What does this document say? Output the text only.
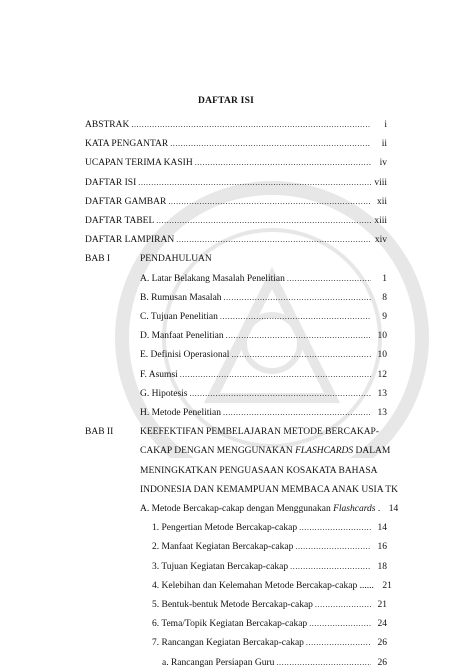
DAFTAR ISI
ABSTRAK .....	i
KATA PENGANTAR .....	ii
UCAPAN TERIMA KASIH .....	iv
DAFTAR ISI .....	viii
DAFTAR GAMBAR .....	xii
DAFTAR TABEL .....	xiii
DAFTAR LAMPIRAN .....	xiv
BAB I	PENDAHULUAN
A. Latar Belakang Masalah Penelitian .....	1
B. Rumusan Masalah .....	8
C. Tujuan Penelitian .....	9
D. Manfaat Penelitian .....	10
E. Definisi Operasional .....	10
F. Asumsi .....	12
G. Hipotesis .....	13
H. Metode Penelitian .....	13
BAB II	KEEFEKTIFAN PEMBELAJARAN METODE BERCAKAP-
CAKAP DENGAN MENGGUNAKAN FLASHCARDS DALAM
MENINGKATKAN PENGUASAAN KOSAKATA BAHASA
INDONESIA DAN KEMAMPUAN MEMBACA ANAK USIA TK
A. Metode Bercakap-cakap dengan Menggunakan Flashcards . 14
1. Pengertian Metode Bercakap-cakap .....	14
2. Manfaat Kegiatan Bercakap-cakap .....	16
3. Tujuan Kegiatan Bercakap-cakap .....	18
4. Kelebihan dan Kelemahan Metode Bercakap-cakap ...... 21
5. Bentuk-bentuk Metode Bercakap-cakap .....	21
6. Tema/Topik Kegiatan Bercakap-cakap .....	24
7. Rancangan Kegiatan Bercakap-cakap .....	26
a. Rancangan Persiapan Guru .....	26
